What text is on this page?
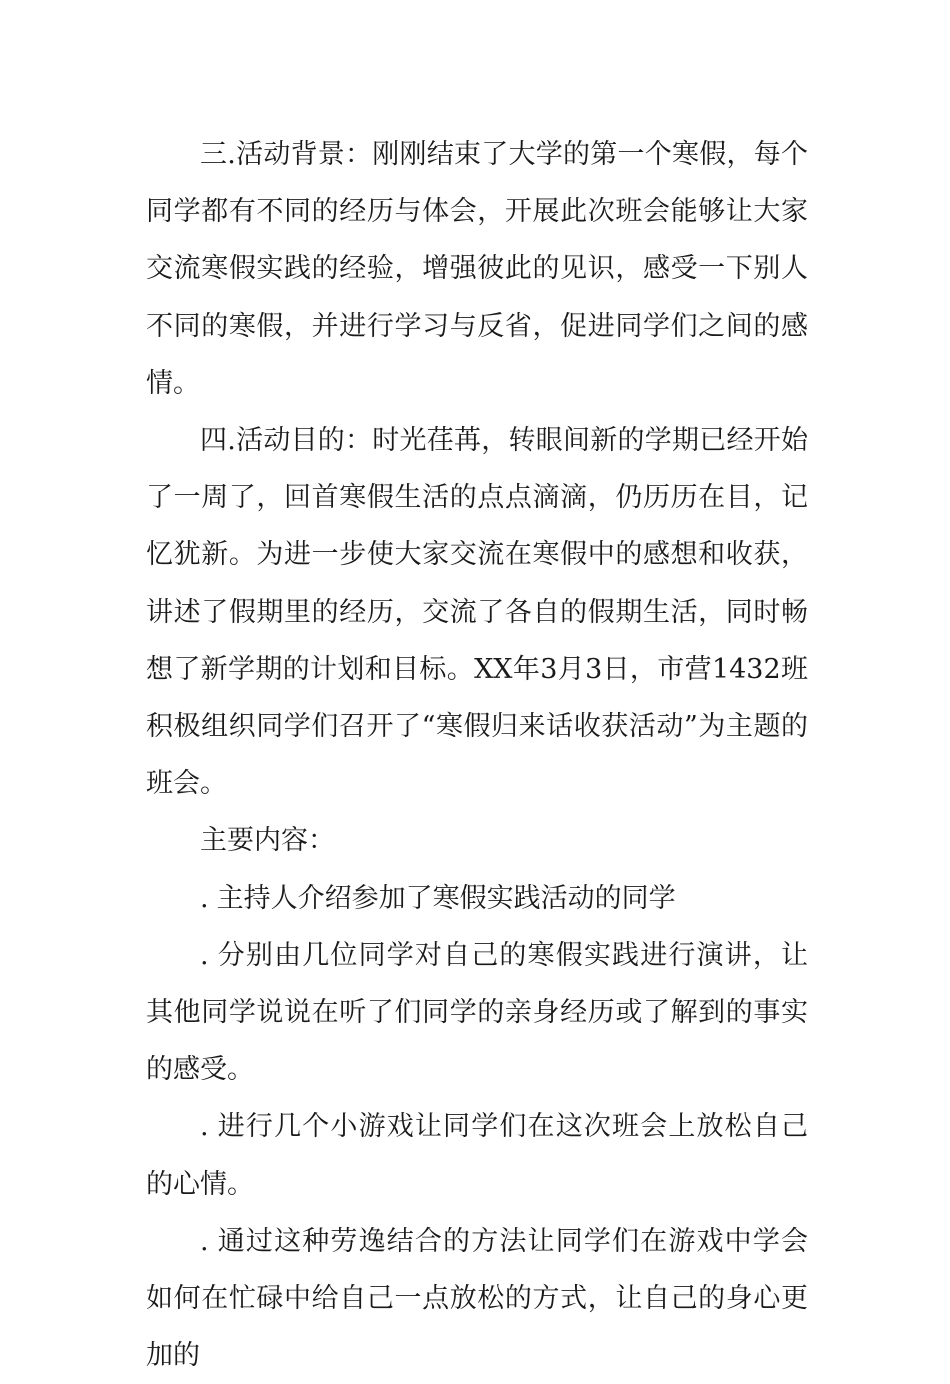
三.活动背景：刚刚结束了大学的第一个寒假，每个同学都有不同的经历与体会，开展此次班会能够让大家交流寒假实践的经验，增强彼此的见识，感受一下别人不同的寒假，并进行学习与反省，促进同学们之间的感情。

四.活动目的：时光荏苒，转眼间新的学期已经开始了一周了，回首寒假生活的点点滴滴，仍历历在目，记忆犹新。为进一步使大家交流在寒假中的感想和收获，讲述了假期里的经历，交流了各自的假期生活，同时畅想了新学期的计划和目标。XX年3月3日，市营1432班积极组织同学们召开了“寒假归来话收获活动”为主题的班会。

主要内容：

. 主持人介绍参加了寒假实践活动的同学

. 分别由几位同学对自己的寒假实践进行演讲，让其他同学说说在听了们同学的亲身经历或了解到的事实的感受。

. 进行几个小游戏让同学们在这次班会上放松自己的心情。

. 通过这种劳逸结合的方法让同学们在游戏中学会如何在忙碌中给自己一点放松的方式，让自己的身心更加的
